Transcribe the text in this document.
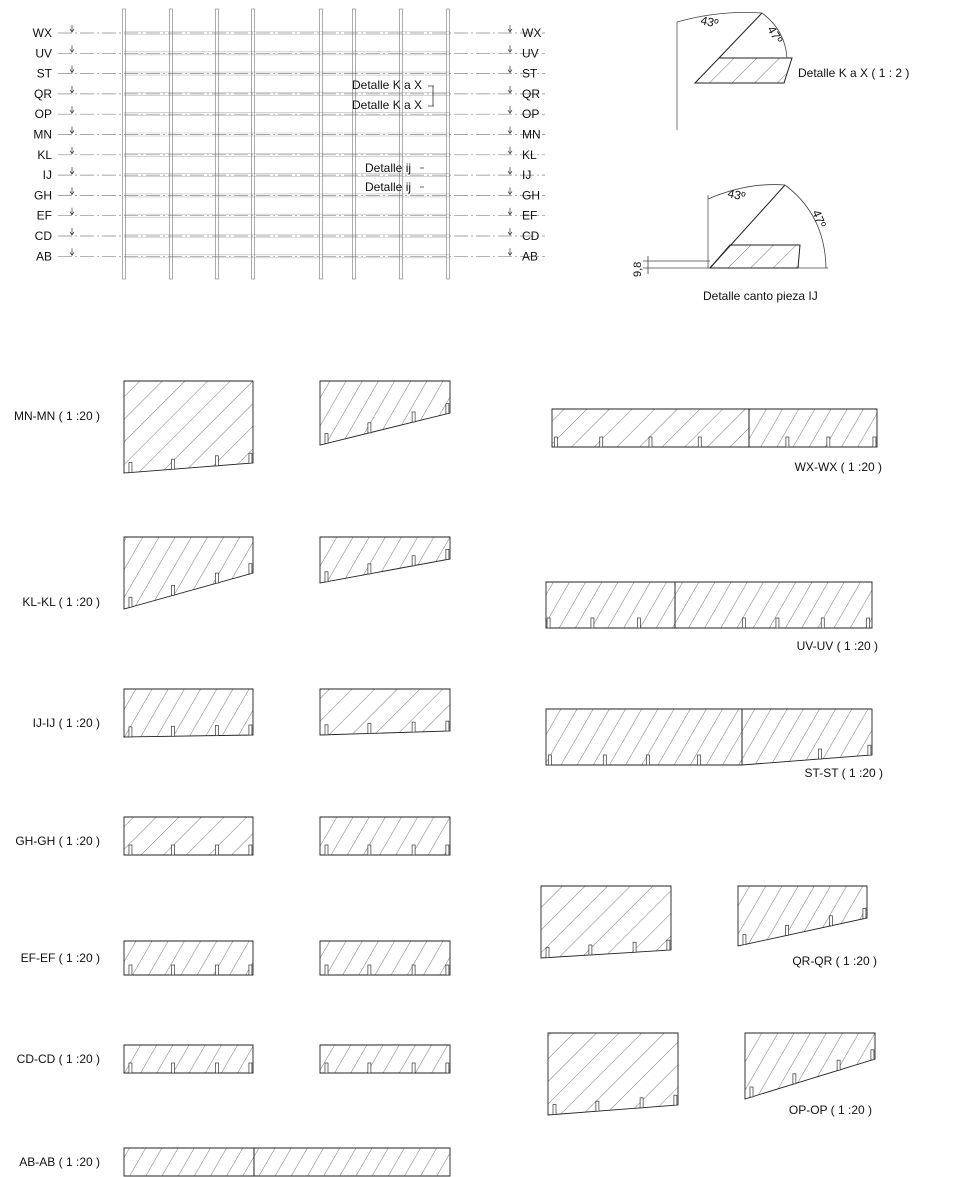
WX	WX
UV	UV
ST	ST
QR	QR
OP	OP
MN	MN
KL	KL
IJ	IJ
GH	GH
EF	EF
CD	CD
AB	AB
Detalle K a X
Detalle K a X
Detalle ij
Detalle ij
43º
47º
Detalle K a X ( 1 : 2 )
43º
47º
9,8
Detalle canto pieza IJ
MN-MN ( 1 :20 )
KL-KL ( 1 :20 )
IJ-IJ ( 1 :20 )
GH-GH ( 1 :20 )
EF-EF ( 1 :20 )
CD-CD ( 1 :20 )
AB-AB ( 1 :20 )
WX-WX ( 1 :20 )
UV-UV ( 1 :20 )
ST-ST ( 1 :20 )
QR-QR ( 1 :20 )
OP-OP ( 1 :20 )
